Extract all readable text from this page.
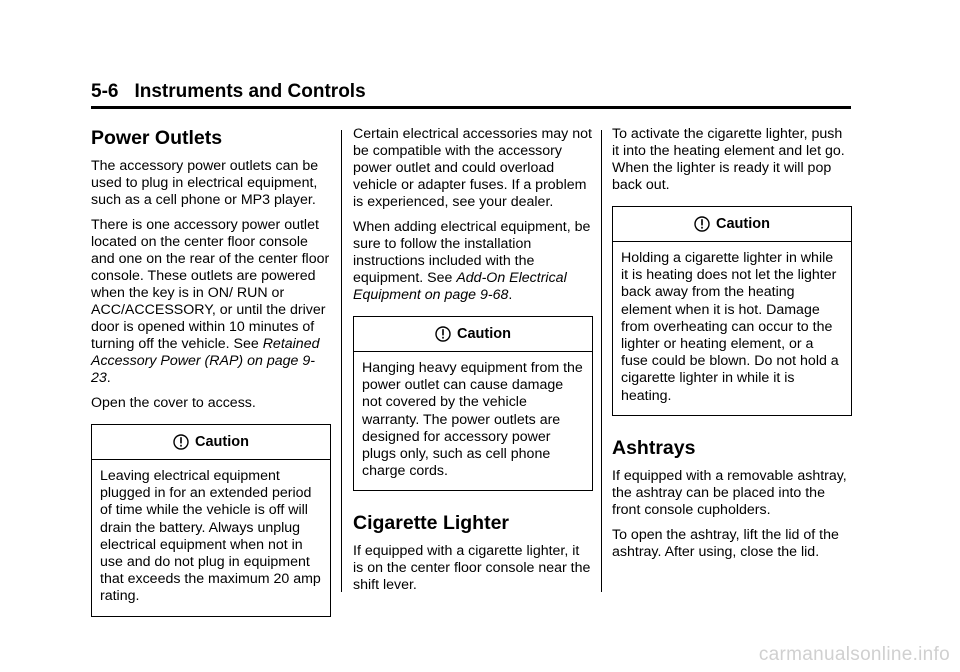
5-6 Instruments and Controls
Power Outlets

The accessory power outlets can be used to plug in electrical equipment, such as a cell phone or MP3 player.

There is one accessory power outlet located on the center floor console and one on the rear of the center floor console. These outlets are powered when the key is in ON/ RUN or ACC/ACCESSORY, or until the driver door is opened within 10 minutes of turning off the vehicle. See Retained Accessory Power (RAP) on page 9-23.

Open the cover to access.

Caution
Leaving electrical equipment plugged in for an extended period of time while the vehicle is off will drain the battery. Always unplug electrical equipment when not in use and do not plug in equipment that exceeds the maximum 20 amp rating.

Certain electrical accessories may not be compatible with the accessory power outlet and could overload vehicle or adapter fuses. If a problem is experienced, see your dealer.

When adding electrical equipment, be sure to follow the installation instructions included with the equipment. See Add-On Electrical Equipment on page 9-68.

Caution
Hanging heavy equipment from the power outlet can cause damage not covered by the vehicle warranty. The power outlets are designed for accessory power plugs only, such as cell phone charge cords.
Cigarette Lighter

If equipped with a cigarette lighter, it is on the center floor console near the shift lever.

To activate the cigarette lighter, push it into the heating element and let go. When the lighter is ready it will pop back out.

Caution
Holding a cigarette lighter in while it is heating does not let the lighter back away from the heating element when it is hot. Damage from overheating can occur to the lighter or heating element, or a fuse could be blown. Do not hold a cigarette lighter in while it is heating.
Ashtrays

If equipped with a removable ashtray, the ashtray can be placed into the front console cupholders.

To open the ashtray, lift the lid of the ashtray. After using, close the lid.

carmanualsonline.info
